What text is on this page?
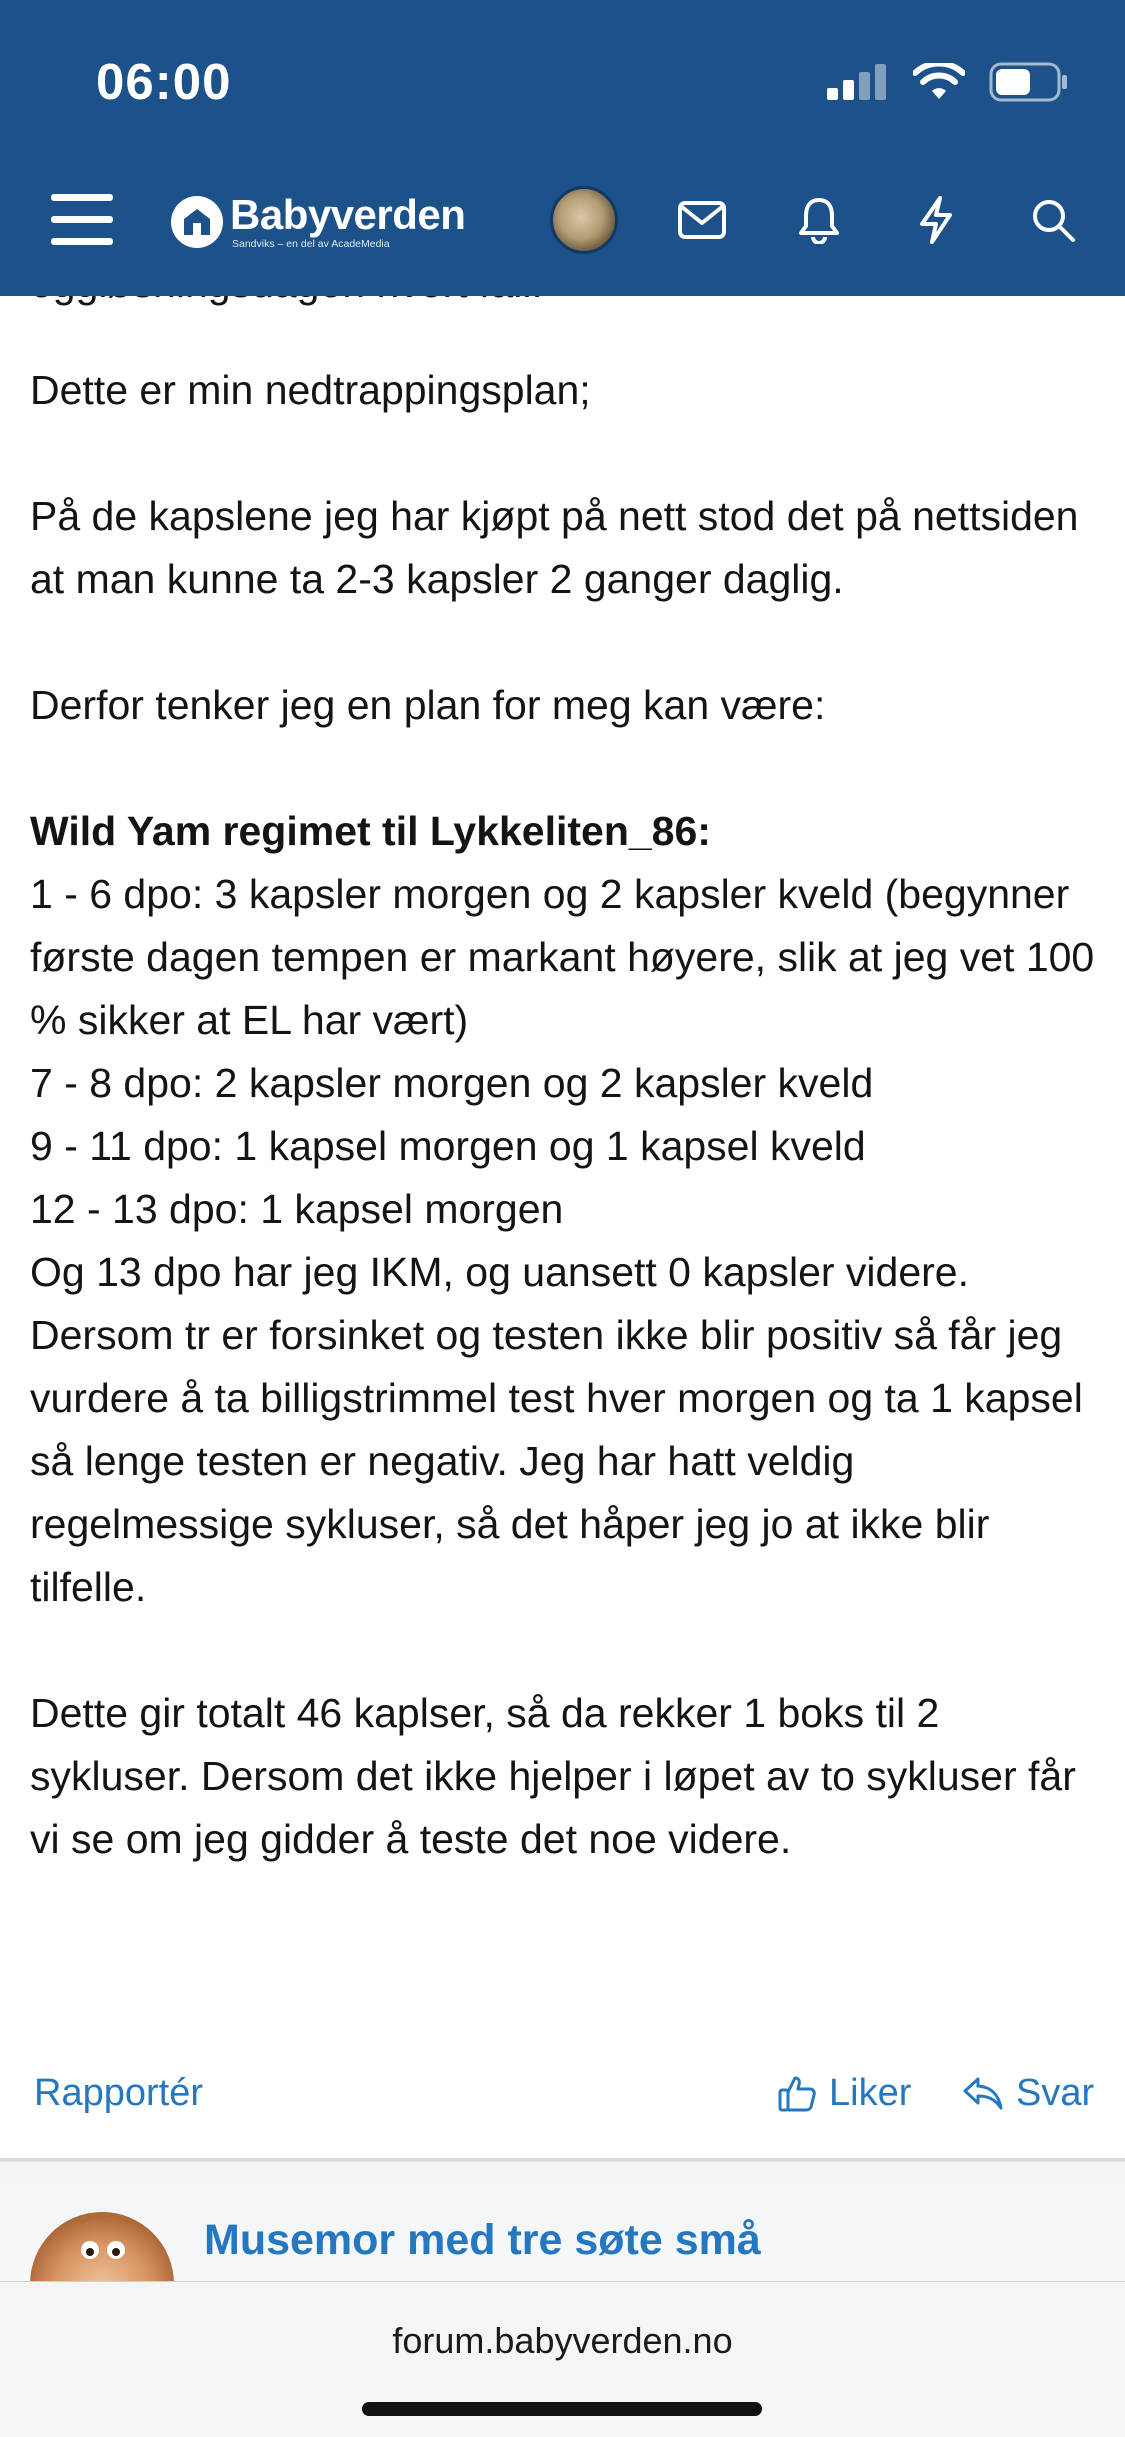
06:00
Babyverden
Sandviks – en del av AcadeMedia

Dette er min nedtrappingsplan;

På de kapslene jeg har kjøpt på nett stod det på nettsiden at man kunne ta 2-3 kapsler 2 ganger daglig.

Derfor tenker jeg en plan for meg kan være:

Wild Yam regimet til Lykkeliten_86:

1 - 6 dpo: 3 kapsler morgen og 2 kapsler kveld (begynner første dagen tempen er markant høyere, slik at jeg vet 100 % sikker at EL har vært)

7 - 8 dpo: 2 kapsler morgen og 2 kapsler kveld

9 - 11 dpo: 1 kapsel morgen og 1 kapsel kveld

12 - 13 dpo: 1 kapsel morgen

Og 13 dpo har jeg IKM, og uansett 0 kapsler videre. Dersom tr er forsinket og testen ikke blir positiv så får jeg vurdere å ta billigstrimmel test hver morgen og ta 1 kapsel så lenge testen er negativ. Jeg har hatt veldig regelmessige sykluser, så det håper jeg jo at ikke blir tilfelle.

Dette gir totalt 46 kaplser, så da rekker 1 boks til 2 sykluser. Dersom det ikke hjelper i løpet av to sykluser får vi se om jeg gidder å teste det noe videre.

Rapportér	Liker	Svar
Musemor med tre søte små
forum.babyverden.no
